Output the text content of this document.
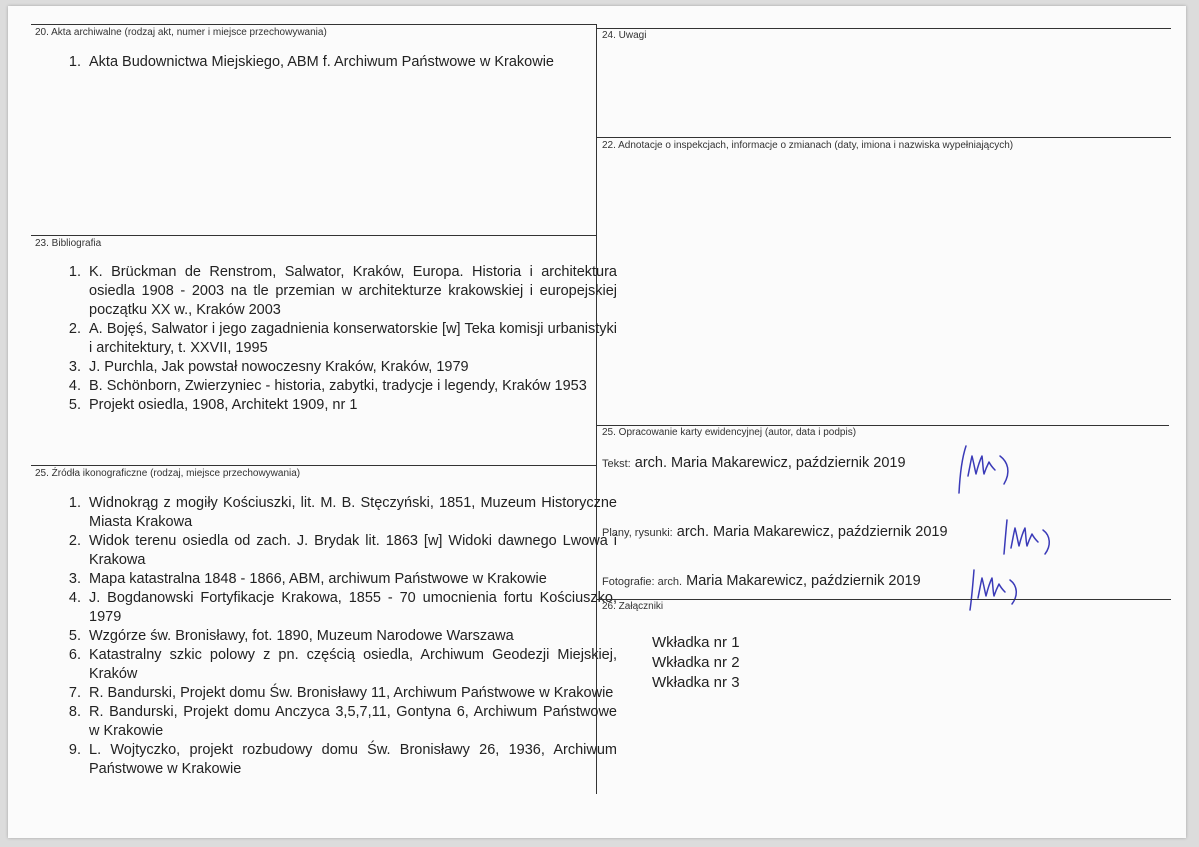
20. Akta archiwalne (rodzaj akt, numer i miejsce przechowywania)
1. Akta Budownictwa Miejskiego, ABM f. Archiwum Państwowe w Krakowie
23. Bibliografia
1. K. Brückman de Renstrom, Salwator, Kraków, Europa. Historia i architektura osiedla 1908 - 2003 na tle przemian w architekturze krakowskiej i europejskiej początku XX w., Kraków 2003
2. A. Bojęś, Salwator i jego zagadnienia konserwatorskie [w] Teka komisji urbanistyki i architektury, t. XXVII, 1995
3. J. Purchla, Jak powstał nowoczesny Kraków, Kraków, 1979
4. B. Schönborn, Zwierzyniec - historia, zabytki, tradycje i legendy, Kraków 1953
5. Projekt osiedla, 1908, Architekt 1909, nr 1
25. Źródła ikonograficzne (rodzaj, miejsce przechowywania)
1. Widnokrąg z mogiły Kościuszki, lit. M. B. Stęczyński, 1851, Muzeum Historyczne Miasta Krakowa
2. Widok terenu osiedla od zach. J. Brydak lit. 1863 [w] Widoki dawnego Lwowa i Krakowa
3. Mapa katastralna 1848 - 1866, ABM, archiwum Państwowe w Krakowie
4. J. Bogdanowski Fortyfikacje Krakowa, 1855 - 70 umocnienia fortu Kościuszko, 1979
5. Wzgórze św. Bronisławy, fot. 1890, Muzeum Narodowe Warszawa
6. Katastralny szkic polowy z pn. częścią osiedla, Archiwum Geodezji Miejskiej, Kraków
7. R. Bandurski, Projekt domu Św. Bronisławy 11, Archiwum Państwowe w Krakowie
8. R. Bandurski, Projekt domu Anczyca 3,5,7,11, Gontyna 6, Archiwum Państwowe w Krakowie
9. L. Wojtyczko, projekt rozbudowy domu Św. Bronisławy 26, 1936, Archiwum Państwowe w Krakowie
24. Uwagi
22. Adnotacje o inspekcjach, informacje o zmianach (daty, imiona i nazwiska wypełniających)
25. Opracowanie karty ewidencyjnej (autor, data i podpis)
Tekst: arch. Maria Makarewicz, październik 2019
Plany, rysunki: arch. Maria Makarewicz, październik 2019
Fotografie: arch. Maria Makarewicz, październik 2019
26. Załączniki
Wkładka nr 1
Wkładka nr 2
Wkładka nr 3
